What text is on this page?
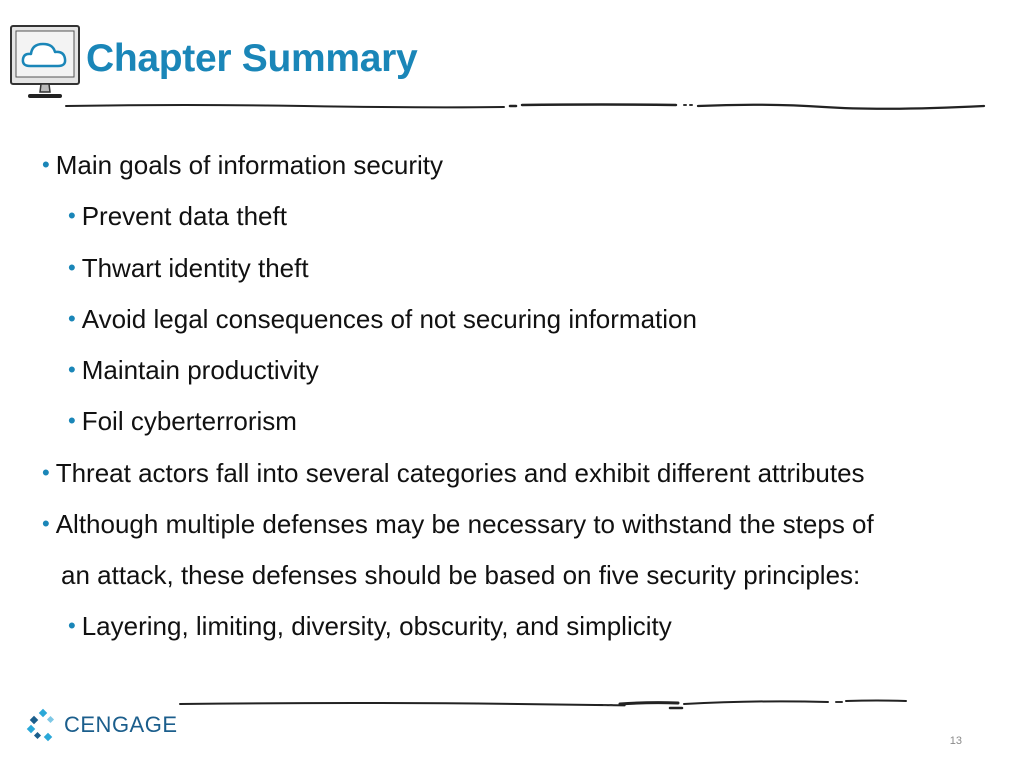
Chapter Summary
• Main goals of information security
• Prevent data theft
• Thwart identity theft
• Avoid legal consequences of not securing information
• Maintain productivity
• Foil cyberterrorism
• Threat actors fall into several categories and exhibit different attributes
• Although multiple defenses may be necessary to withstand the steps of
an attack, these defenses should be based on five security principles:
• Layering, limiting, diversity, obscurity, and simplicity
CENGAGE
13
